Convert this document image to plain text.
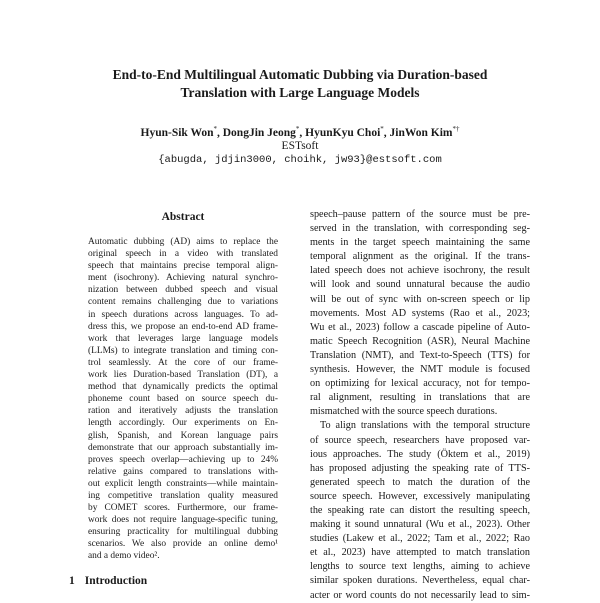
End-to-End Multilingual Automatic Dubbing via Duration-based
Translation with Large Language Models
Hyun-Sik Won*, DongJin Jeong*, HyunKyu Choi*, JinWon Kim*†
ESTsoft
{abugda, jdjin3000, choihk, jw93}@estsoft.com
Abstract
Automatic dubbing (AD) aims to replace the
original speech in a video with translated
speech that maintains precise temporal align-
ment (isochrony). Achieving natural synchro-
nization between dubbed speech and visual
content remains challenging due to variations
in speech durations across languages. To ad-
dress this, we propose an end-to-end AD frame-
work that leverages large language models
(LLMs) to integrate translation and timing con-
trol seamlessly. At the core of our frame-
work lies Duration-based Translation (DT), a
method that dynamically predicts the optimal
phoneme count based on source speech du-
ration and iteratively adjusts the translation
length accordingly. Our experiments on En-
glish, Spanish, and Korean language pairs
demonstrate that our approach substantially im-
proves speech overlap—achieving up to 24%
relative gains compared to translations with-
out explicit length constraints—while maintain-
ing competitive translation quality measured
by COMET scores. Furthermore, our frame-
work does not require language-specific tuning,
ensuring practicality for multilingual dubbing
scenarios. We also provide an online demo¹
and a demo video².
1 Introduction
speech–pause pattern of the source must be pre-
served in the translation, with corresponding seg-
ments in the target speech maintaining the same
temporal alignment as the original. If the trans-
lated speech does not achieve isochrony, the result
will look and sound unnatural because the audio
will be out of sync with on-screen speech or lip
movements. Most AD systems (Rao et al., 2023;
Wu et al., 2023) follow a cascade pipeline of Auto-
matic Speech Recognition (ASR), Neural Machine
Translation (NMT), and Text-to-Speech (TTS) for
synthesis. However, the NMT module is focused
on optimizing for lexical accuracy, not for tempo-
ral alignment, resulting in translations that are
mismatched with the source speech durations.
To align translations with the temporal structure
of source speech, researchers have proposed var-
ious approaches. The study (Öktem et al., 2019)
has proposed adjusting the speaking rate of TTS-
generated speech to match the duration of the
source speech. However, excessively manipulating
the speaking rate can distort the resulting speech,
making it sound unnatural (Wu et al., 2023). Other
studies (Lakew et al., 2022; Tam et al., 2022; Rao
et al., 2023) have attempted to match translation
lengths to source text lengths, aiming to achieve
similar spoken durations. Nevertheless, equal char-
acter or word counts do not necessarily lead to sim-
